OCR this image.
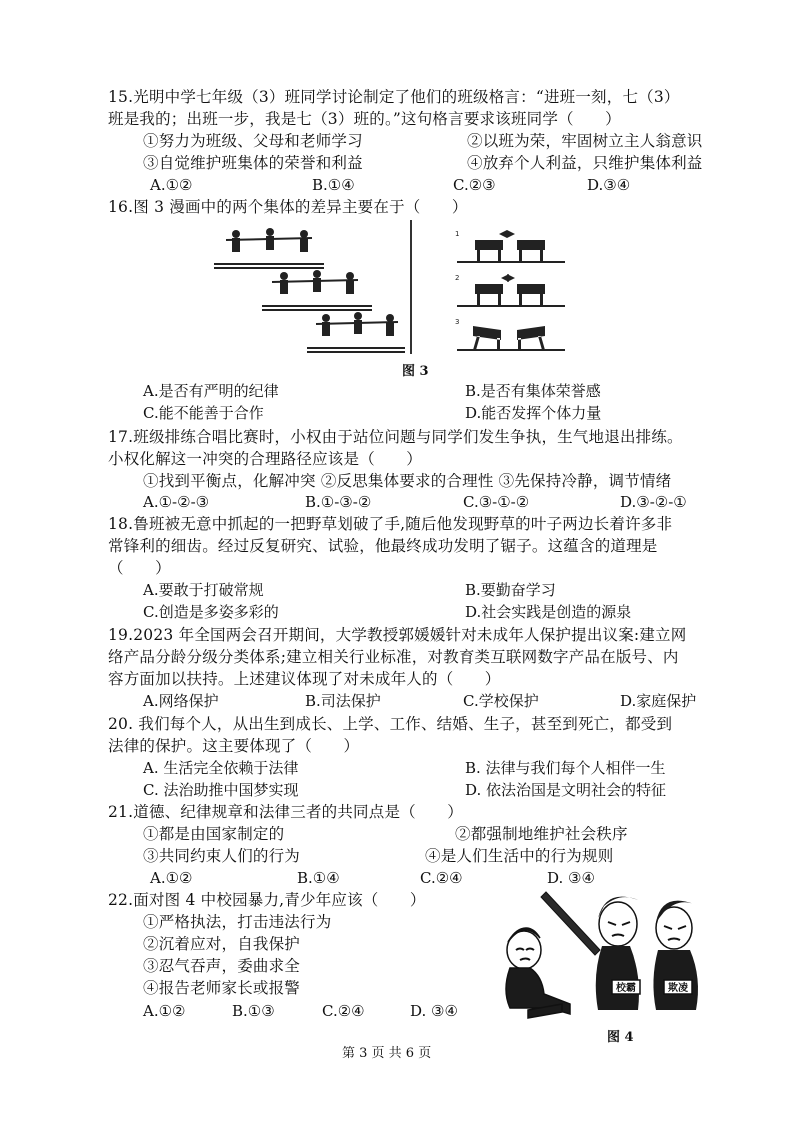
15.光明中学七年级（3）班同学讨论制定了他们的班级格言：“进班一刻，七（3）
班是我的；出班一步，我是七（3）班的。”这句格言要求该班同学（　　）
①努力为班级、父母和老师学习	②以班为荣，牢固树立主人翁意识
③自觉维护班集体的荣誉和利益	④放弃个人利益，只维护集体利益
A.①②	B.①④	C.②③	D.③④
16.图 3 漫画中的两个集体的差异主要在于（　　）
1
2
3
图 3
A.是否有严明的纪律	B.是否有集体荣誉感
C.能不能善于合作	D.能否发挥个体力量
17.班级排练合唱比赛时，小权由于站位问题与同学们发生争执，生气地退出排练。
小权化解这一冲突的合理路径应该是（　　）
①找到平衡点，化解冲突 ②反思集体要求的合理性 ③先保持冷静，调节情绪
A.①-②-③	B.①-③-②	C.③-①-②	D.③-②-①
18.鲁班被无意中抓起的一把野草划破了手,随后他发现野草的叶子两边长着许多非
常锋利的细齿。经过反复研究、试验，他最终成功发明了锯子。这蕴含的道理是
（　　）
A.要敢于打破常规	B.要勤奋学习
C.创造是多姿多彩的	D.社会实践是创造的源泉
19.2023 年全国两会召开期间，大学教授郭媛媛针对未成年人保护提出议案:建立网
络产品分龄分级分类体系;建立相关行业标准，对教育类互联网数字产品在版号、内
容方面加以扶持。上述建议体现了对未成年人的（　　）
A.网络保护	B.司法保护	C.学校保护	D.家庭保护
20. 我们每个人，从出生到成长、上学、工作、结婚、生子，甚至到死亡，都受到
法律的保护。这主要体现了（　　）
A. 生活完全依赖于法律	B. 法律与我们每个人相伴一生
C. 法治助推中国梦实现	D. 依法治国是文明社会的特征
21.道德、纪律规章和法律三者的共同点是（　　）
①都是由国家制定的	②都强制地维护社会秩序
③共同约束人们的行为	④是人们生活中的行为规则
A.①②	B.①④	C.②④	D. ③④
22.面对图 4 中校园暴力,青少年应该（　　）
①严格执法，打击违法行为
②沉着应对，自我保护
③忍气吞声，委曲求全
④报告老师家长或报警
A.①②	B.①③	C.②④	D. ③④
校霸	欺凌
图 4
第 3 页 共 6 页
